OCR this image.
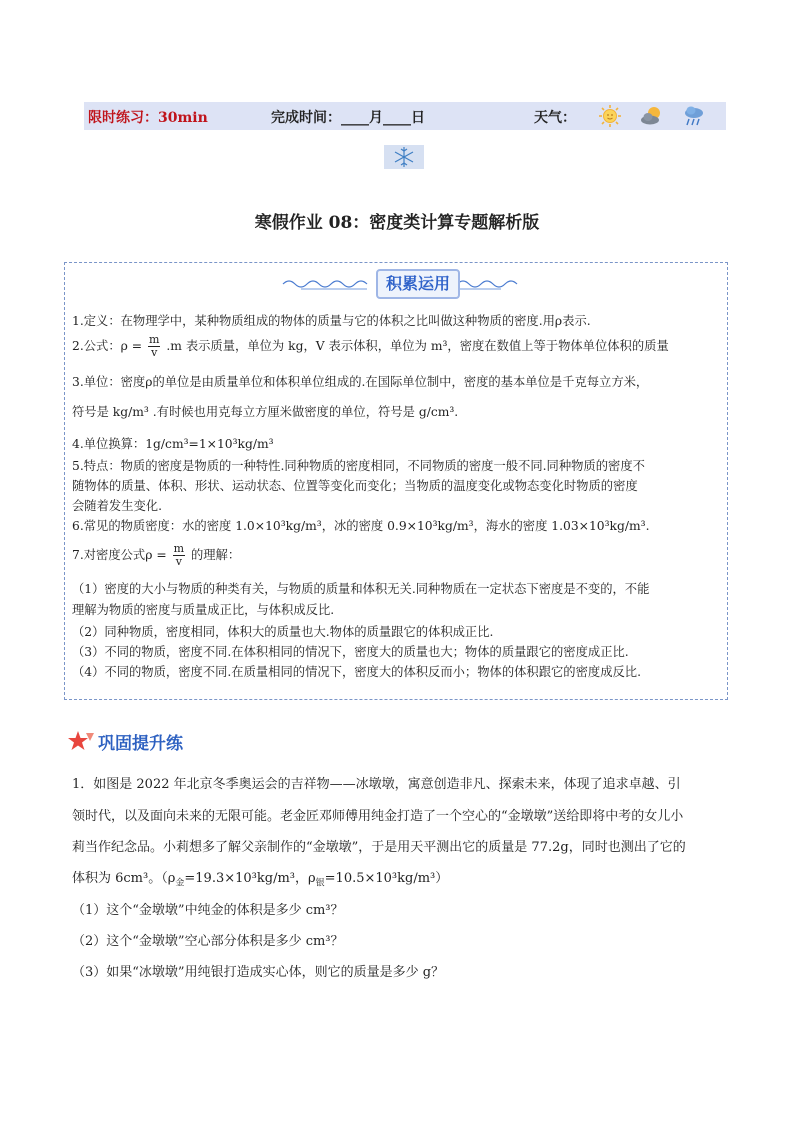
限时练习：30min	完成时间：____月____日	天气：
寒假作业 08：密度类计算专题解析版
积累运用
1.定义：在物理学中，某种物质组成的物体的质量与它的体积之比叫做这种物质的密度.用ρ表示.
2.公式：$\rho = \frac{m}{v} .m$ 表示质量，单位为 kg，V 表示体积，单位为 m³，密度在数值上等于物体单位体积的质量
3.单位：密度ρ的单位是由质量单位和体积单位组成的.在国际单位制中，密度的基本单位是千克每立方米，
符号是 kg/m³ .有时候也用克每立方厘米做密度的单位，符号是 g/cm³.
4.单位换算：1g/cm³=1×10³kg/m³
5.特点：物质的密度是物质的一种特性.同种物质的密度相同，不同物质的密度一般不同.同种物质的密度不
随物体的质量、体积、形状、运动状态、位置等变化而变化；当物质的温度变化或物态变化时物质的密度
会随着发生变化.
6.常见的物质密度：水的密度 1.0×10³kg/m³，冰的密度 0.9×10³kg/m³，海水的密度 1.03×10³kg/m³.
7.对密度公式$\rho = \frac{m}{v}$ 的理解：
（1）密度的大小与物质的种类有关，与物质的质量和体积无关.同种物质在一定状态下密度是不变的，不能
理解为物质的密度与质量成正比，与体积成反比.
（2）同种物质，密度相同，体积大的质量也大.物体的质量跟它的体积成正比.
（3）不同的物质，密度不同.在体积相同的情况下，密度大的质量也大；物体的质量跟它的密度成正比.
（4）不同的物质，密度不同.在质量相同的情况下，密度大的体积反而小；物体的体积跟它的密度成反比.
巩固提升练
1．如图是 2022 年北京冬季奥运会的吉祥物——冰墩墩，寓意创造非凡、探索未来，体现了追求卓越、引
领时代，以及面向未来的无限可能。老金匠邓师傅用纯金打造了一个空心的“金墩墩”送给即将中考的女儿小
莉当作纪念品。小莉想多了解父亲制作的“金墩墩”，于是用天平测出它的质量是 77.2g，同时也测出了它的
体积为 6cm³。（$\rho_金=19.3\times 10^3kg/m^3$，$\rho_银=10.5\times 10^3kg/m^3$）
（1）这个“金墩墩”中纯金的体积是多少 cm³？
（2）这个“金墩墩”空心部分体积是多少 cm³？
（3）如果“冰墩墩”用纯银打造成实心体，则它的质量是多少 g？
